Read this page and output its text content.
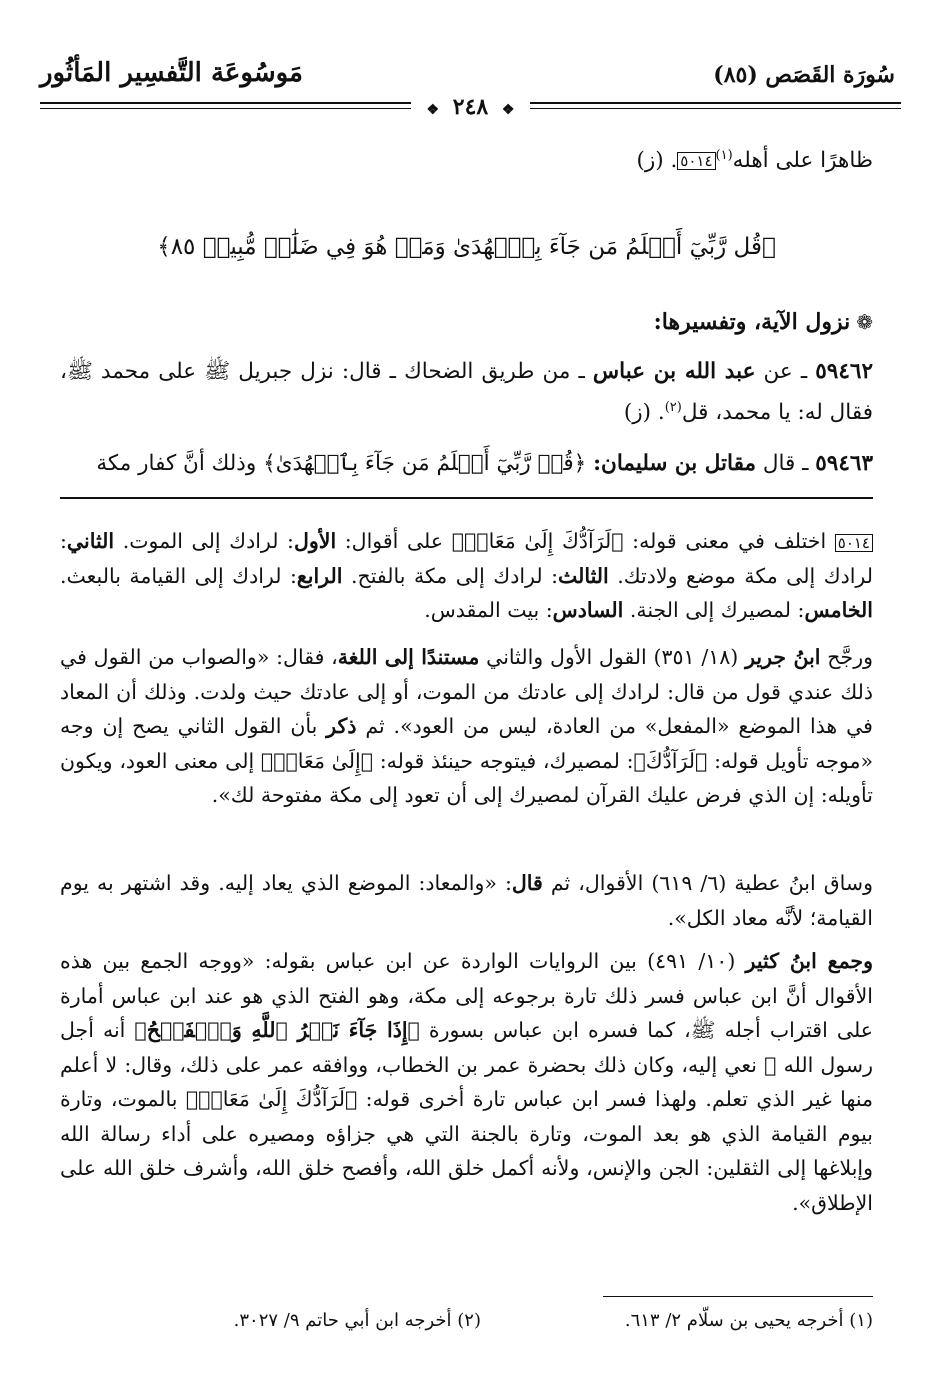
سُورَة القَصَص (٨٥)
مَوسُوعَة التَّفسِير المَأثُور
❖ ٢٤٨ ❖
ظاهرًا على أهله$^{(١)}$٥٠١٤. (ز)
﴿قُل رَّبِّيٓ أَعۡلَمُ مَن جَآءَ بِٱلۡهُدَىٰ وَمَنۡ هُوَ فِي ضَلَٰلٖ مُّبِينٖ ٨٥﴾
❁نزول الآية، وتفسيرها:
٥٩٤٦٢ ـ عن عبد الله بن عباس ـ من طريق الضحاك ـ قال: نزل جبريل ﷺ على محمد ﷺ، فقال له: يا محمد، قل$^{(٢)}$. (ز)
٥٩٤٦٣ ـ قال مقاتل بن سليمان: ﴿قُلۡ رَّبِّيٓ أَعۡلَمُ مَن جَآءَ بِٱلۡهُدَىٰ﴾ وذلك أنَّ كفار مكة
٥٠١٤ اختلف في معنى قوله: ﴿لَرَآدُّكَ إِلَىٰ مَعَادٖ﴾ على أقوال: الأول: لرادك إلى الموت. الثاني: لرادك إلى مكة موضع ولادتك. الثالث: لرادك إلى مكة بالفتح. الرابع: لرادك إلى القيامة بالبعث. الخامس: لمصيرك إلى الجنة. السادس: بيت المقدس.
ورجَّح ابنُ جرير (١٨/ ٣٥١) القول الأول والثاني مستندًا إلى اللغة، فقال: «والصواب من القول في ذلك عندي قول من قال: لرادك إلى عادتك من الموت، أو إلى عادتك حيث ولدت. وذلك أن المعاد في هذا الموضع «المفعل» من العادة، ليس من العود». ثم ذكر بأن القول الثاني يصح إن وجه «موجه تأويل قوله: ﴿لَرَآدُّكَ﴾: لمصيرك، فيتوجه حينئذ قوله: ﴿إِلَىٰ مَعَادٖ﴾ إلى معنى العود، ويكون تأويله: إن الذي فرض عليك القرآن لمصيرك إلى أن تعود إلى مكة مفتوحة لك».
وساق ابنُ عطية (٦/ ٦١٩) الأقوال، ثم قال: «والمعاد: الموضع الذي يعاد إليه. وقد اشتهر به يوم القيامة؛ لأنَّه معاد الكل».
وجمع ابنُ كثير (١٠/ ٤٩١) بين الروايات الواردة عن ابن عباس بقوله: «ووجه الجمع بين هذه الأقوال أنَّ ابن عباس فسر ذلك تارة برجوعه إلى مكة، وهو الفتح الذي هو عند ابن عباس أمارة على اقتراب أجله ﷺ، كما فسره ابن عباس بسورة ﴿إِذَا جَآءَ نَصۡرُ ٱللَّهِ وَٱلۡفَتۡحُ﴾ أنه أجل رسول الله ﷺ نعي إليه، وكان ذلك بحضرة عمر بن الخطاب، ووافقه عمر على ذلك، وقال: لا أعلم منها غير الذي تعلم. ولهذا فسر ابن عباس تارة أخرى قوله: ﴿لَرَآدُّكَ إِلَىٰ مَعَادٖ﴾ بالموت، وتارة بيوم القيامة الذي هو بعد الموت، وتارة بالجنة التي هي جزاؤه ومصيره على أداء رسالة الله وإبلاغها إلى الثقلين: الجن والإنس، ولأنه أكمل خلق الله، وأفصح خلق الله، وأشرف خلق الله على الإطلاق».
(١) أخرجه يحيى بن سلّام ٢/ ٦١٣.
(٢) أخرجه ابن أبي حاتم ٩/ ٣٠٢٧.
